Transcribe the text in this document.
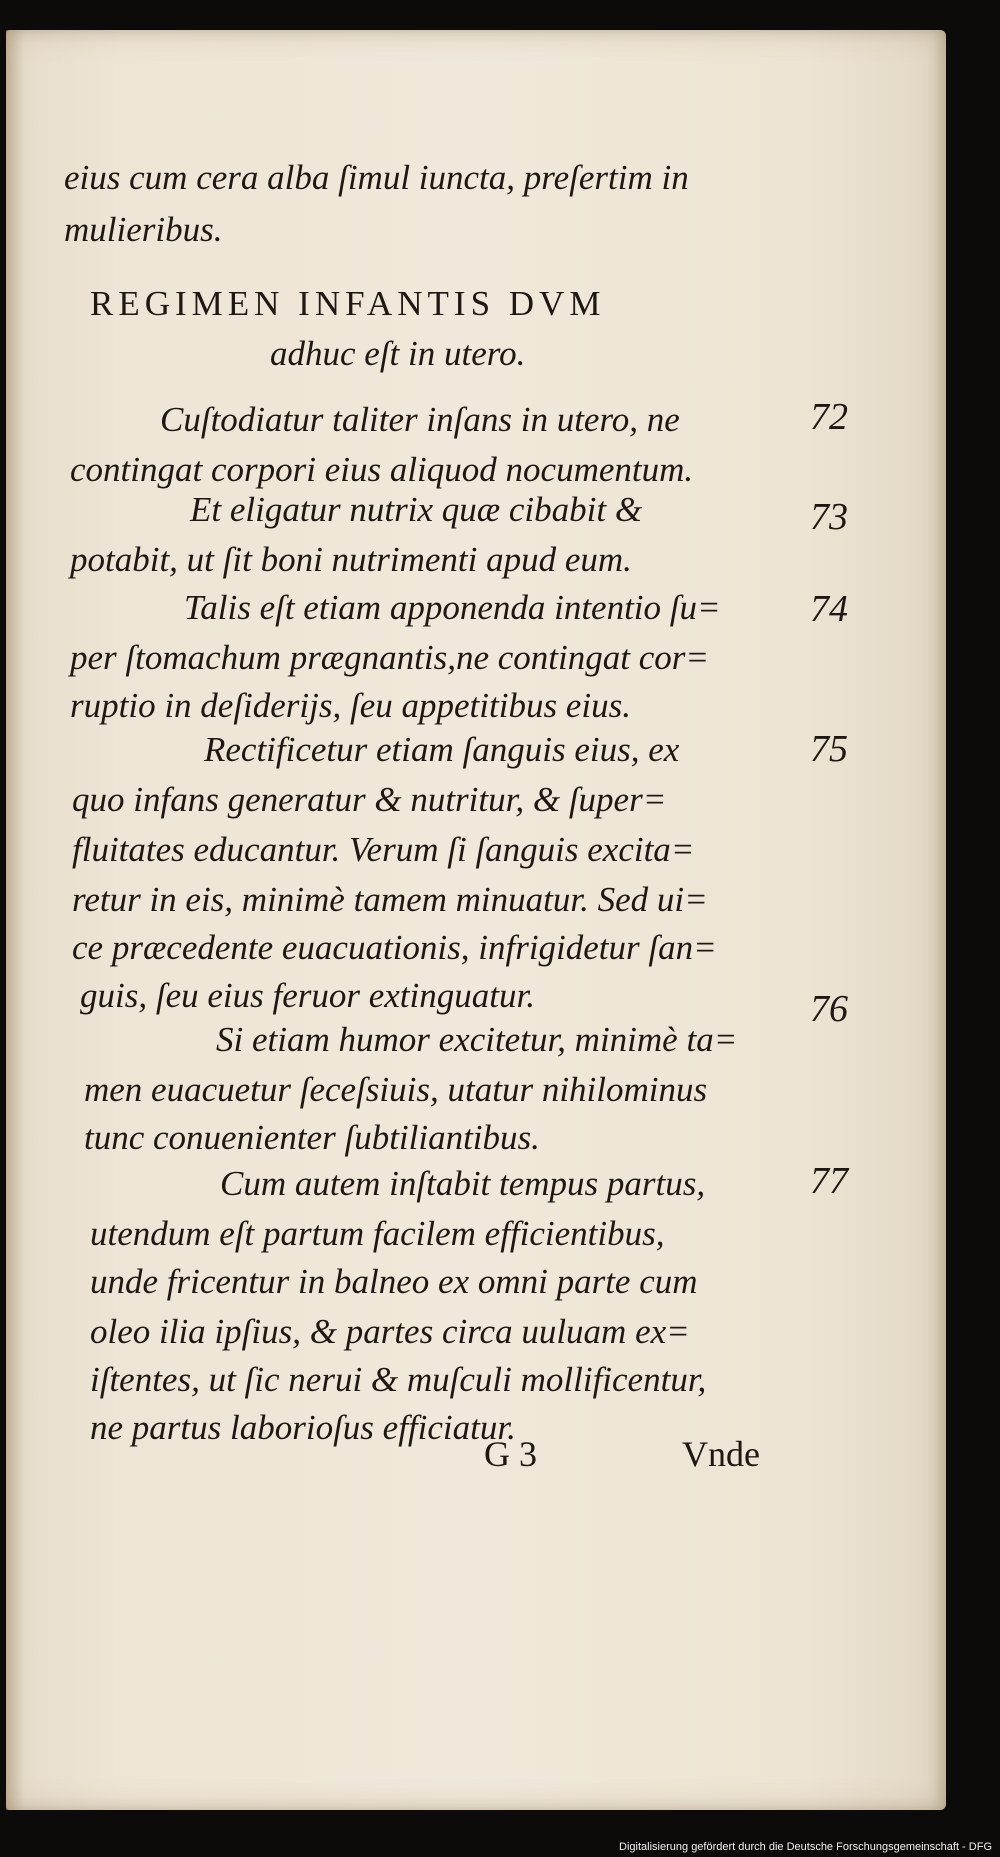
eius cum cera alba ſimul iuncta, preſertim in
mulieribus.
REGIMEN INFANTIS DVM
adhuc eſt in utero.
Cuſtodiatur taliter inſans in utero, ne
contingat corpori eius aliquod nocumentum.
Et eligatur nutrix quæ cibabit &
potabit, ut ſit boni nutrimenti apud eum.
Talis eſt etiam apponenda intentio ſu=
per ſtomachum prægnantis,ne contingat cor=
ruptio in deſiderijs, ſeu appetitibus eius.
Rectificetur etiam ſanguis eius, ex
quo infans generatur & nutritur, & ſuper=
fluitates educantur. Verum ſi ſanguis excita=
retur in eis, minimè tamem minuatur. Sed ui=
ce præcedente euacuationis, infrigidetur ſan=
guis, ſeu eius feruor extinguatur.
Si etiam humor excitetur, minimè ta=
men euacuetur ſeceſsiuis, utatur nihilominus
tunc conuenienter ſubtiliantibus.
Cum autem inſtabit tempus partus,
utendum eſt partum facilem efficientibus,
unde fricentur in balneo ex omni parte cum
oleo ilia ipſius, & partes circa uuluam ex=
iſtentes, ut ſic nerui & muſculi mollificentur,
ne partus laborioſus efficiatur.
72
73
74
75
76
77
G 3	Vnde
Digitalisierung gefördert durch die Deutsche Forschungsgemeinschaft - DFG
